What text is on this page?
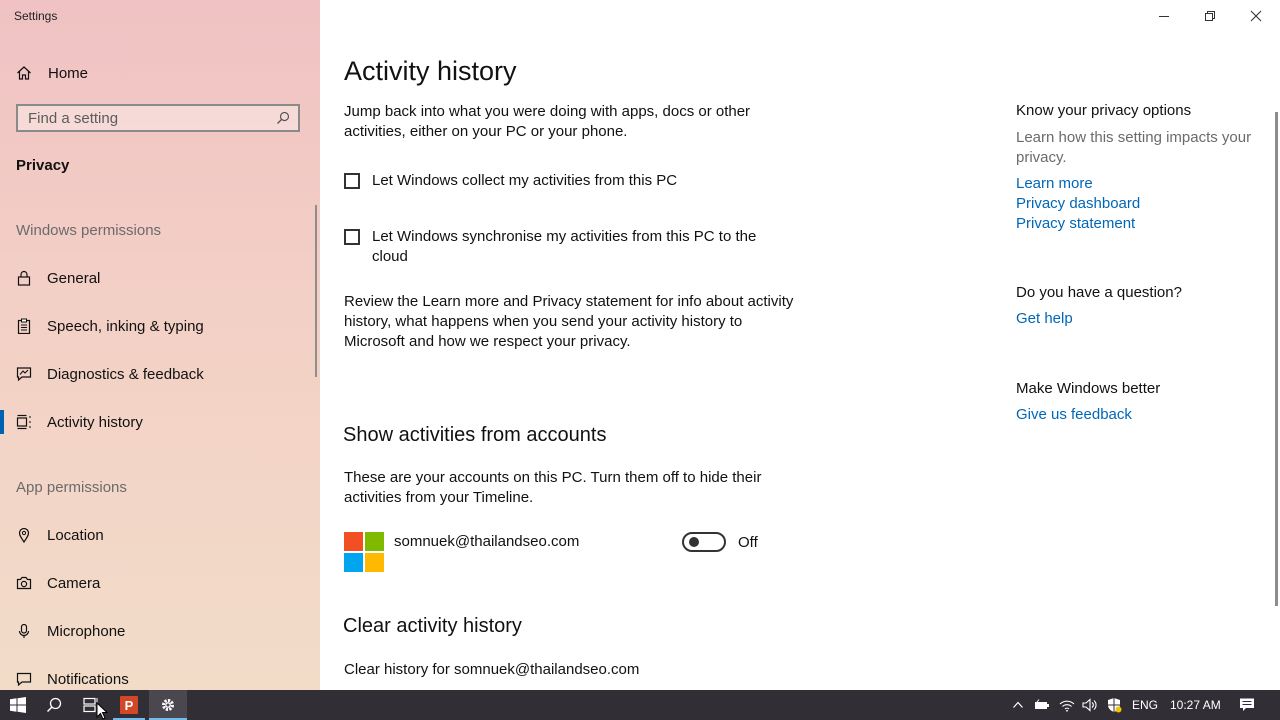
Settings
Home
Find a setting
Privacy
Windows permissions
General
Speech, inking & typing
Diagnostics & feedback
Activity history
App permissions
Location
Camera
Microphone
Notifications
Activity history
Jump back into what you were doing with apps, docs or other activities, either on your PC or your phone.
Let Windows collect my activities from this PC
Let Windows synchronise my activities from this PC to the cloud
Review the Learn more and Privacy statement for info about activity history, what happens when you send your activity history to Microsoft and how we respect your privacy.
Show activities from accounts
These are your accounts on this PC. Turn them off to hide their activities from your Timeline.
somnuek@thailandseo.com	Off
Clear activity history
Clear history for somnuek@thailandseo.com
Know your privacy options
Learn how this setting impacts your privacy.
Learn more
Privacy dashboard
Privacy statement
Do you have a question?
Get help
Make Windows better
Give us feedback
P	ENG 10:27 AM
